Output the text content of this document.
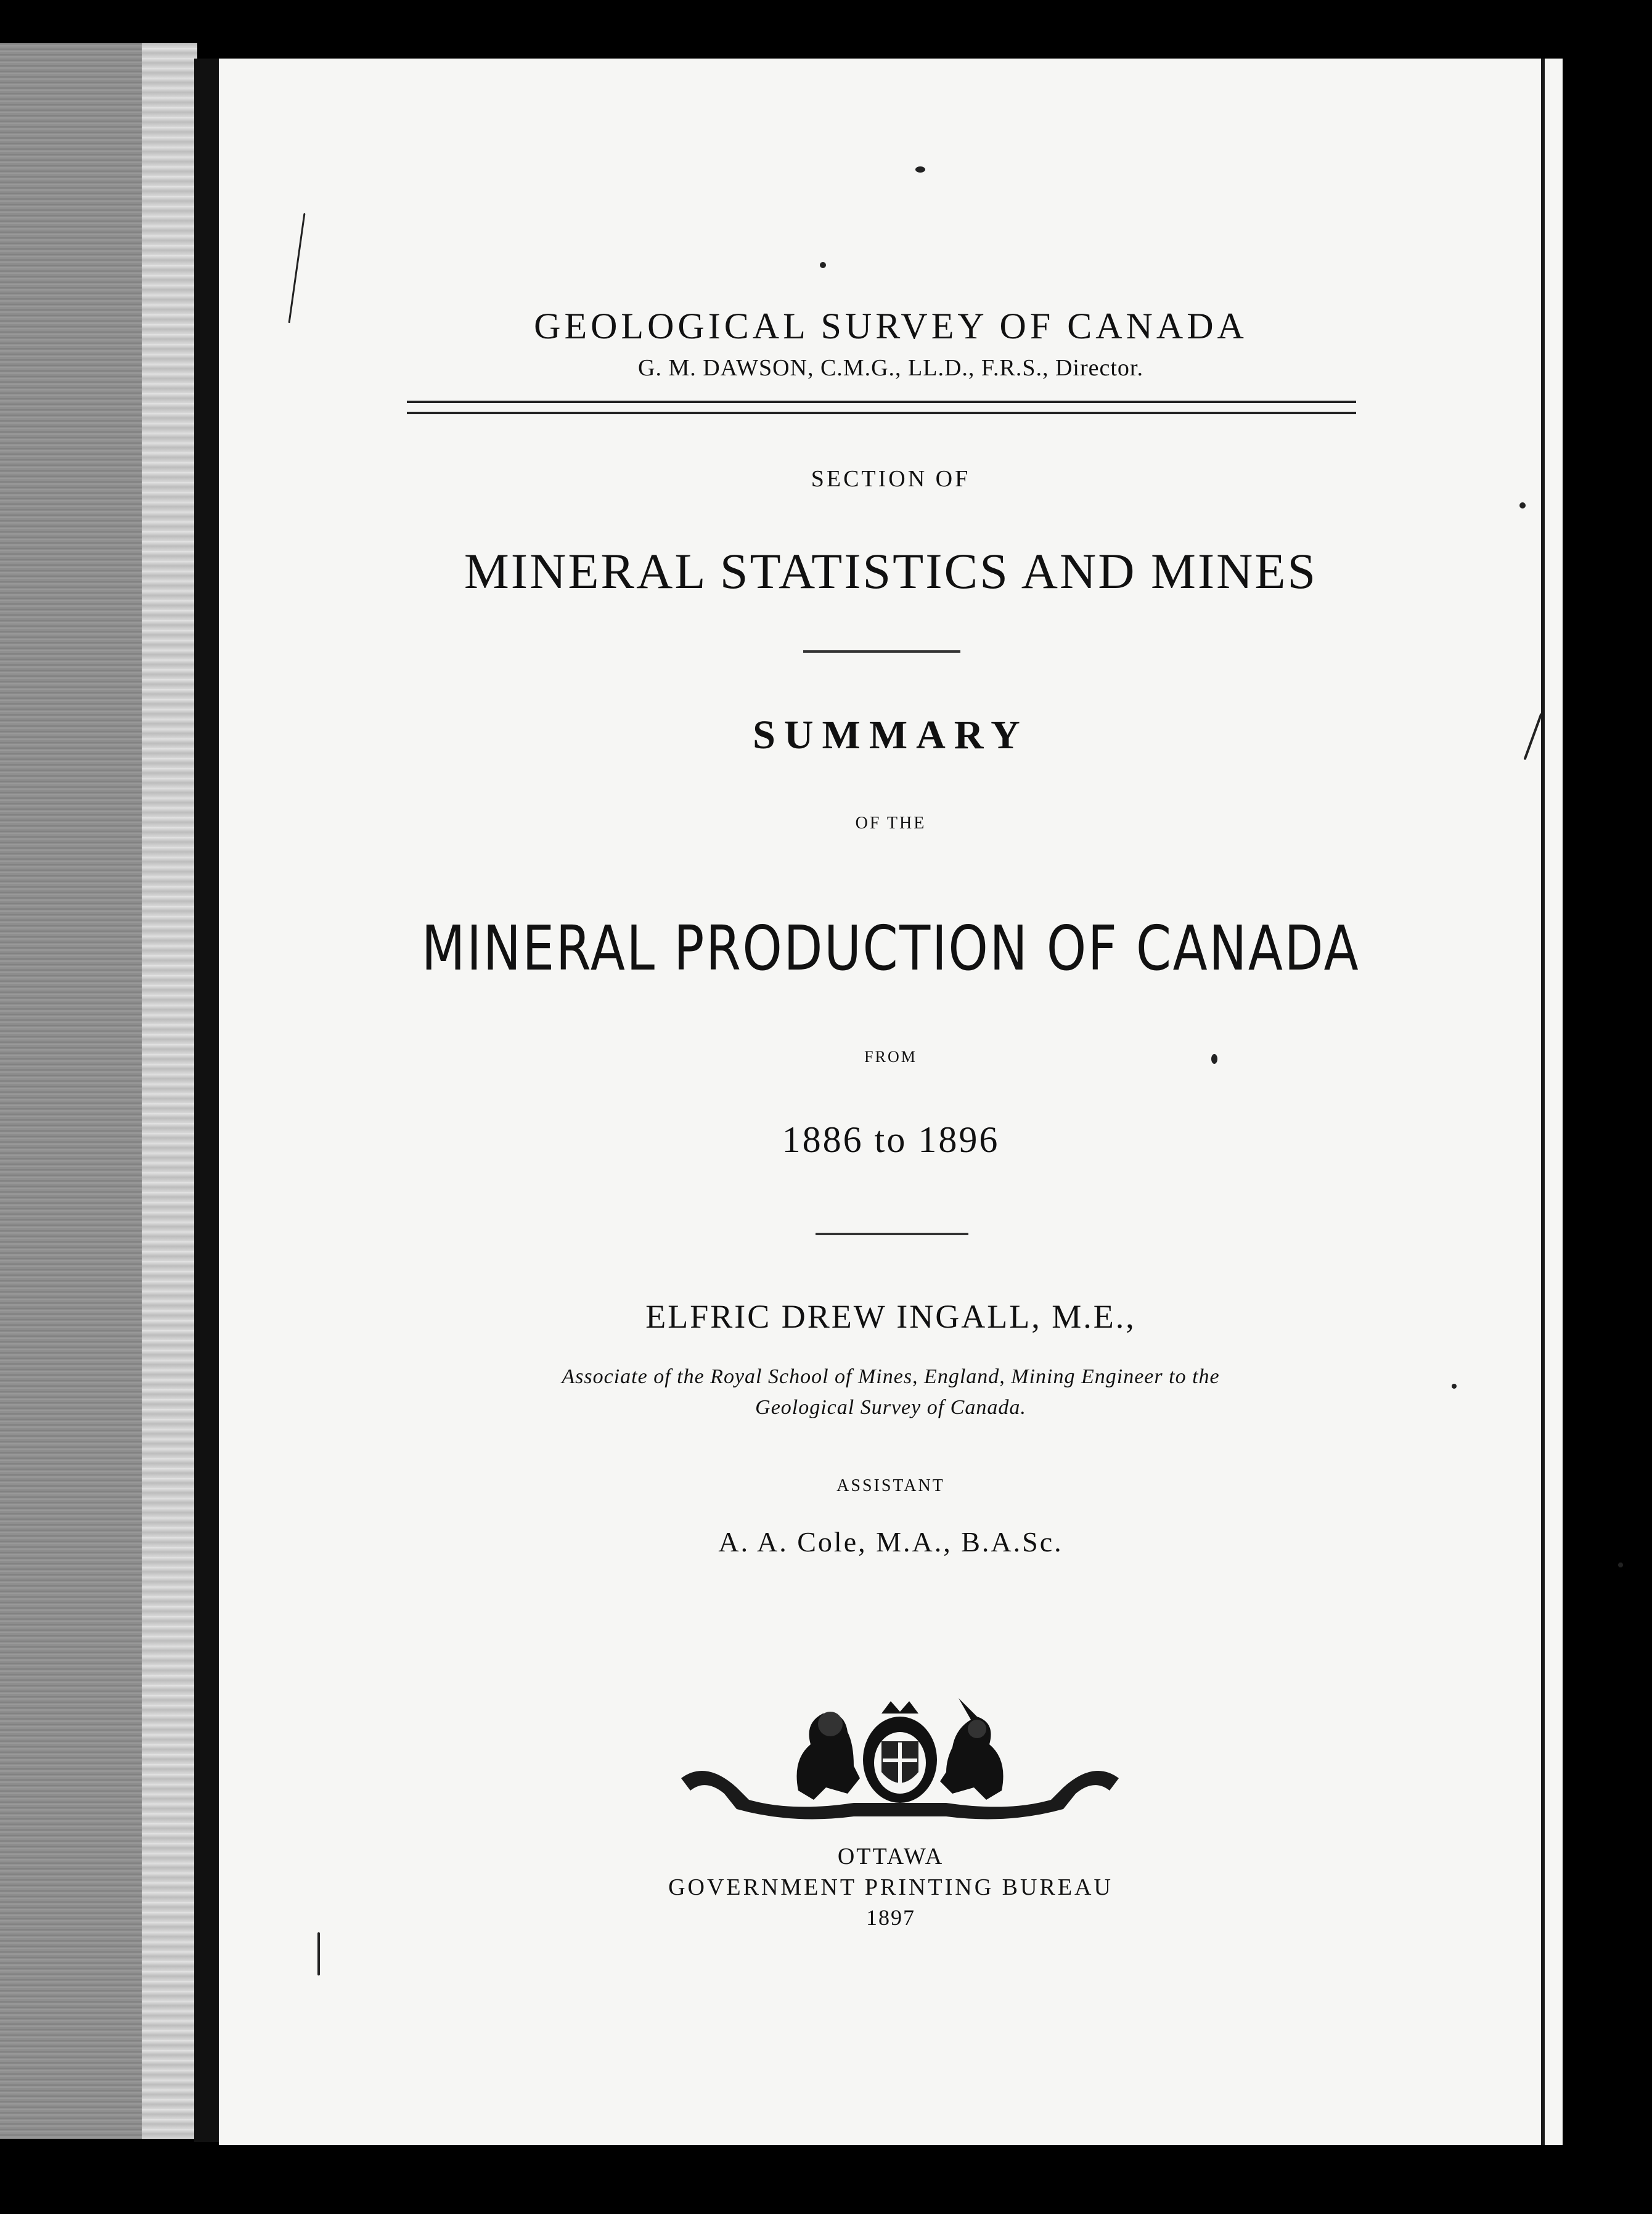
GEOLOGICAL SURVEY OF CANADA
G. M. DAWSON, C.M.G., LL.D., F.R.S., Director.
SECTION OF
MINERAL STATISTICS AND MINES
SUMMARY
OF THE
MINERAL PRODUCTION OF CANADA
FROM
1886 to 1896
ELFRIC DREW INGALL, M.E.,
Associate of the Royal School of Mines, England, Mining Engineer to the
Geological Survey of Canada.
ASSISTANT
A. A. Cole, M.A., B.A.Sc.
OTTAWA
GOVERNMENT PRINTING BUREAU
1897
